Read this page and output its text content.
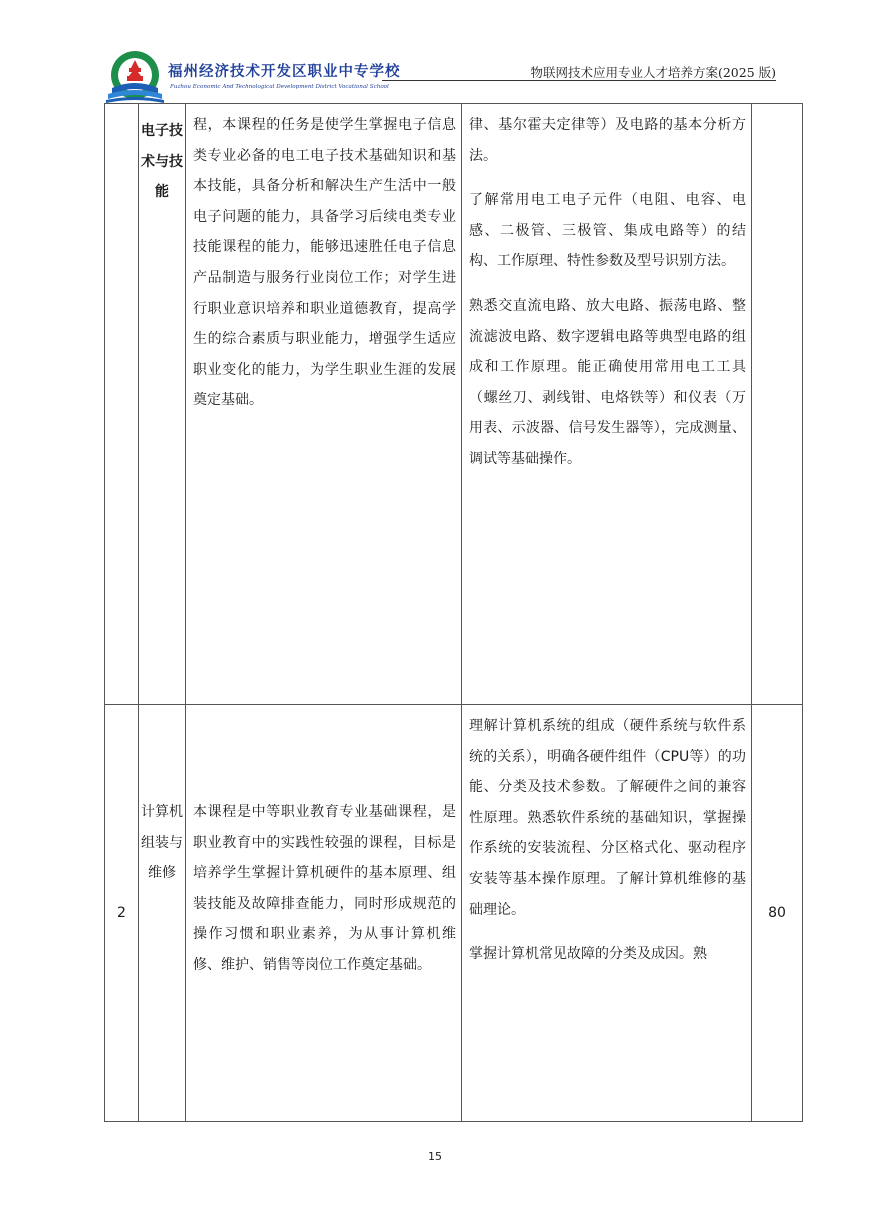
福州经济技术开发区职业中专学校
Fuzhou Economic And Technological Development District Vocational School
物联网技术应用专业人才培养方案(2025 版)

	电子技术与技能	程，本课程的任务是使学生掌握电子信息类专业必备的电工电子技术基础知识和基本技能，具备分析和解决生产生活中一般电子问题的能力，具备学习后续电类专业技能课程的能力，能够迅速胜任电子信息产品制造与服务行业岗位工作；对学生进行职业意识培养和职业道德教育，提高学生的综合素质与职业能力，增强学生适应职业变化的能力，为学生职业生涯的发展奠定基础。	律、基尔霍夫定律等）及电路的基本分析方法。

了解常用电工电子元件（电阻、电容、电感、二极管、三极管、集成电路等）的结构、工作原理、特性参数及型号识别方法。

熟悉交直流电路、放大电路、振荡电路、整流滤波电路、数字逻辑电路等典型电路的组成和工作原理。能正确使用常用电工工具（螺丝刀、剥线钳、电烙铁等）和仪表（万用表、示波器、信号发生器等），完成测量、调试等基础操作。	

2	计算机组装与维修	本课程是中等职业教育专业基础课程，是职业教育中的实践性较强的课程，目标是培养学生掌握计算机硬件的基本原理、组装技能及故障排查能力，同时形成规范的操作习惯和职业素养，为从事计算机维修、维护、销售等岗位工作奠定基础。	理解计算机系统的组成（硬件系统与软件系统的关系），明确各硬件组件（CPU等）的功能、分类及技术参数。了解硬件之间的兼容性原理。熟悉软件系统的基础知识，掌握操作系统的安装流程、分区格式化、驱动程序安装等基本操作原理。了解计算机维修的基础理论。

掌握计算机常见故障的分类及成因。熟	80
15
